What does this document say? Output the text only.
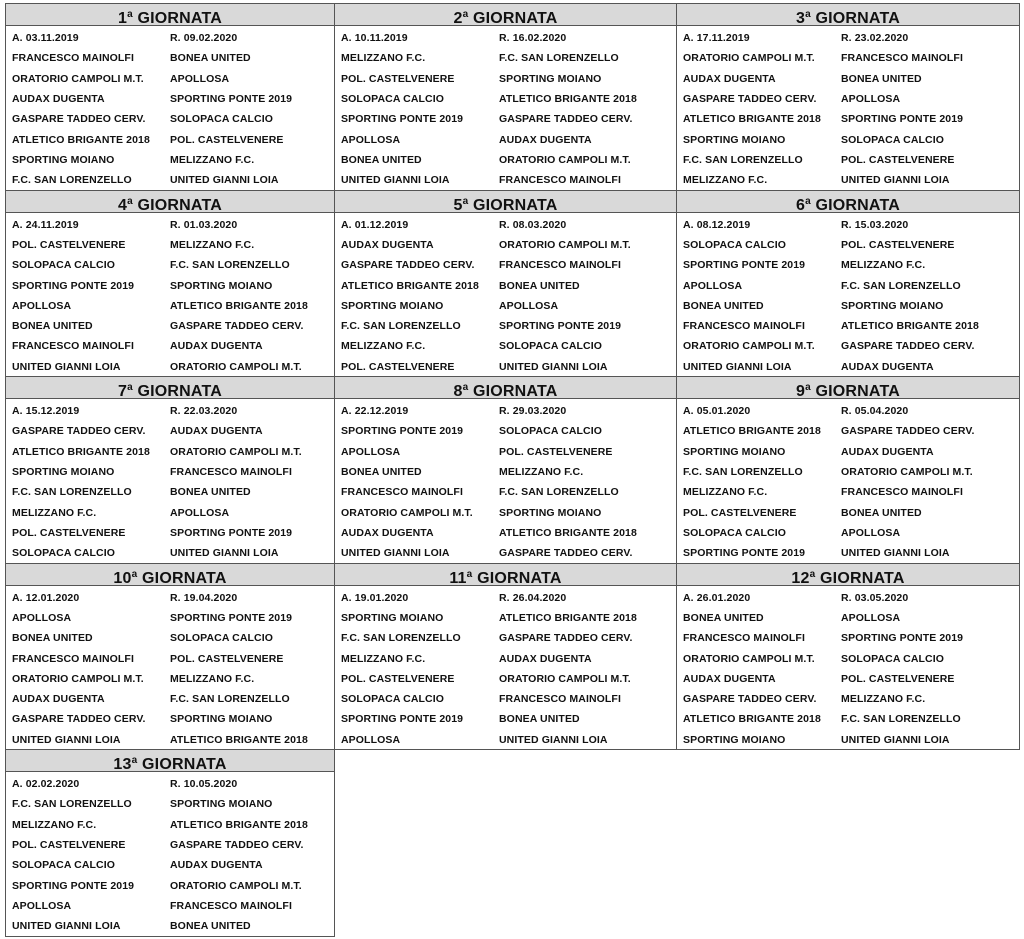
1$^a$ GIORNATA
A. 03.11.2019	R. 09.02.2020
FRANCESCO MAINOLFI	BONEA UNITED
ORATORIO CAMPOLI M.T.	APOLLOSA
AUDAX DUGENTA	SPORTING PONTE 2019
GASPARE TADDEO CERV.	SOLOPACA CALCIO
ATLETICO BRIGANTE 2018	POL. CASTELVENERE
SPORTING MOIANO	MELIZZANO F.C.
F.C. SAN LORENZELLO	UNITED GIANNI LOIA
2$^a$ GIORNATA
A. 10.11.2019	R. 16.02.2020
MELIZZANO F.C.	F.C. SAN LORENZELLO
POL. CASTELVENERE	SPORTING MOIANO
SOLOPACA CALCIO	ATLETICO BRIGANTE 2018
SPORTING PONTE 2019	GASPARE TADDEO CERV.
APOLLOSA	AUDAX DUGENTA
BONEA UNITED	ORATORIO CAMPOLI M.T.
UNITED GIANNI LOIA	FRANCESCO MAINOLFI
3$^a$ GIORNATA
A. 17.11.2019	R. 23.02.2020
ORATORIO CAMPOLI M.T.	FRANCESCO MAINOLFI
AUDAX DUGENTA	BONEA UNITED
GASPARE TADDEO CERV.	APOLLOSA
ATLETICO BRIGANTE 2018	SPORTING PONTE 2019
SPORTING MOIANO	SOLOPACA CALCIO
F.C. SAN LORENZELLO	POL. CASTELVENERE
MELIZZANO F.C.	UNITED GIANNI LOIA
4$^a$ GIORNATA
A. 24.11.2019	R. 01.03.2020
POL. CASTELVENERE	MELIZZANO F.C.
SOLOPACA CALCIO	F.C. SAN LORENZELLO
SPORTING PONTE 2019	SPORTING MOIANO
APOLLOSA	ATLETICO BRIGANTE 2018
BONEA UNITED	GASPARE TADDEO CERV.
FRANCESCO MAINOLFI	AUDAX DUGENTA
UNITED GIANNI LOIA	ORATORIO CAMPOLI M.T.
5$^a$ GIORNATA
A. 01.12.2019	R. 08.03.2020
AUDAX DUGENTA	ORATORIO CAMPOLI M.T.
GASPARE TADDEO CERV.	FRANCESCO MAINOLFI
ATLETICO BRIGANTE 2018	BONEA UNITED
SPORTING MOIANO	APOLLOSA
F.C. SAN LORENZELLO	SPORTING PONTE 2019
MELIZZANO F.C.	SOLOPACA CALCIO
POL. CASTELVENERE	UNITED GIANNI LOIA
6$^a$ GIORNATA
A. 08.12.2019	R. 15.03.2020
SOLOPACA CALCIO	POL. CASTELVENERE
SPORTING PONTE 2019	MELIZZANO F.C.
APOLLOSA	F.C. SAN LORENZELLO
BONEA UNITED	SPORTING MOIANO
FRANCESCO MAINOLFI	ATLETICO BRIGANTE 2018
ORATORIO CAMPOLI M.T.	GASPARE TADDEO CERV.
UNITED GIANNI LOIA	AUDAX DUGENTA
7$^a$ GIORNATA
A. 15.12.2019	R. 22.03.2020
GASPARE TADDEO CERV.	AUDAX DUGENTA
ATLETICO BRIGANTE 2018	ORATORIO CAMPOLI M.T.
SPORTING MOIANO	FRANCESCO MAINOLFI
F.C. SAN LORENZELLO	BONEA UNITED
MELIZZANO F.C.	APOLLOSA
POL. CASTELVENERE	SPORTING PONTE 2019
SOLOPACA CALCIO	UNITED GIANNI LOIA
8$^a$ GIORNATA
A. 22.12.2019	R. 29.03.2020
SPORTING PONTE 2019	SOLOPACA CALCIO
APOLLOSA	POL. CASTELVENERE
BONEA UNITED	MELIZZANO F.C.
FRANCESCO MAINOLFI	F.C. SAN LORENZELLO
ORATORIO CAMPOLI M.T.	SPORTING MOIANO
AUDAX DUGENTA	ATLETICO BRIGANTE 2018
UNITED GIANNI LOIA	GASPARE TADDEO CERV.
9$^a$ GIORNATA
A. 05.01.2020	R. 05.04.2020
ATLETICO BRIGANTE 2018	GASPARE TADDEO CERV.
SPORTING MOIANO	AUDAX DUGENTA
F.C. SAN LORENZELLO	ORATORIO CAMPOLI M.T.
MELIZZANO F.C.	FRANCESCO MAINOLFI
POL. CASTELVENERE	BONEA UNITED
SOLOPACA CALCIO	APOLLOSA
SPORTING PONTE 2019	UNITED GIANNI LOIA
10$^a$ GIORNATA
A. 12.01.2020	R. 19.04.2020
APOLLOSA	SPORTING PONTE 2019
BONEA UNITED	SOLOPACA CALCIO
FRANCESCO MAINOLFI	POL. CASTELVENERE
ORATORIO CAMPOLI M.T.	MELIZZANO F.C.
AUDAX DUGENTA	F.C. SAN LORENZELLO
GASPARE TADDEO CERV.	SPORTING MOIANO
UNITED GIANNI LOIA	ATLETICO BRIGANTE 2018
11$^a$ GIORNATA
A. 19.01.2020	R. 26.04.2020
SPORTING MOIANO	ATLETICO BRIGANTE 2018
F.C. SAN LORENZELLO	GASPARE TADDEO CERV.
MELIZZANO F.C.	AUDAX DUGENTA
POL. CASTELVENERE	ORATORIO CAMPOLI M.T.
SOLOPACA CALCIO	FRANCESCO MAINOLFI
SPORTING PONTE 2019	BONEA UNITED
APOLLOSA	UNITED GIANNI LOIA
12$^a$ GIORNATA
A. 26.01.2020	R. 03.05.2020
BONEA UNITED	APOLLOSA
FRANCESCO MAINOLFI	SPORTING PONTE 2019
ORATORIO CAMPOLI M.T.	SOLOPACA CALCIO
AUDAX DUGENTA	POL. CASTELVENERE
GASPARE TADDEO CERV.	MELIZZANO F.C.
ATLETICO BRIGANTE 2018	F.C. SAN LORENZELLO
SPORTING MOIANO	UNITED GIANNI LOIA
13$^a$ GIORNATA
A. 02.02.2020	R. 10.05.2020
F.C. SAN LORENZELLO	SPORTING MOIANO
MELIZZANO F.C.	ATLETICO BRIGANTE 2018
POL. CASTELVENERE	GASPARE TADDEO CERV.
SOLOPACA CALCIO	AUDAX DUGENTA
SPORTING PONTE 2019	ORATORIO CAMPOLI M.T.
APOLLOSA	FRANCESCO MAINOLFI
UNITED GIANNI LOIA	BONEA UNITED
